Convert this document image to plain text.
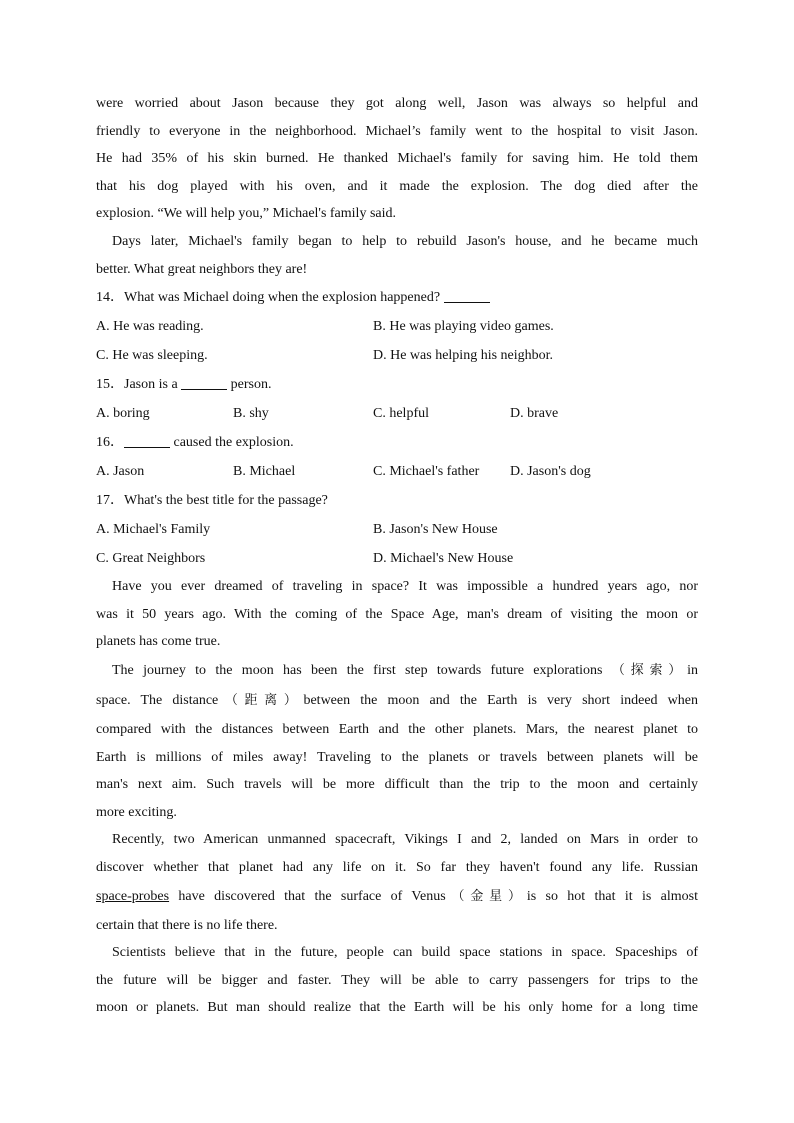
were worried about Jason because they got along well, Jason was always so helpful and

friendly to everyone in the neighborhood. Michael’s family went to the hospital to visit Jason.

He had 35% of his skin burned. He thanked Michael's family for saving him. He told them

that his dog played with his oven, and it made the explosion. The dog died after the

explosion. “We will help you,” Michael's family said.

Days later, Michael's family began to help to rebuild Jason's house, and he became much

better. What great neighbors they are!

14．What was Michael doing when the explosion happened?

A. He was reading.	B. He was playing video games.
C. He was sleeping.	D. He was helping his neighbor.

15．Jason is a	person.

A. boring	B. shy	C. helpful	D. brave

16．	caused the explosion.

A. Jason	B. Michael	C. Michael's father D. Jason's dog

17．What's the best title for the passage?

A. Michael's Family	B. Jason's New House
C. Great Neighbors	D. Michael's New House

Have you ever dreamed of traveling in space? It was impossible a hundred years ago, nor

was it 50 years ago. With the coming of the Space Age, man's dream of visiting the moon or

planets has come true.

The journey to the moon has been the first step towards future explorations （探索）in

space. The distance（距离）between the moon and the Earth is very short indeed when

compared with the distances between Earth and the other planets. Mars, the nearest planet to

Earth is millions of miles away! Traveling to the planets or travels between planets will be

man's next aim. Such travels will be more difficult than the trip to the moon and certainly

more exciting.

Recently, two American unmanned spacecraft, Vikings I and 2, landed on Mars in order to

discover whether that planet had any life on it. So far they haven't found any life. Russian

space-probes have discovered that the surface of Venus（金星）is so hot that it is almost

certain that there is no life there.

Scientists believe that in the future, people can build space stations in space. Spaceships of

the future will be bigger and faster. They will be able to carry passengers for trips to the

moon or planets. But man should realize that the Earth will be his only home for a long time
